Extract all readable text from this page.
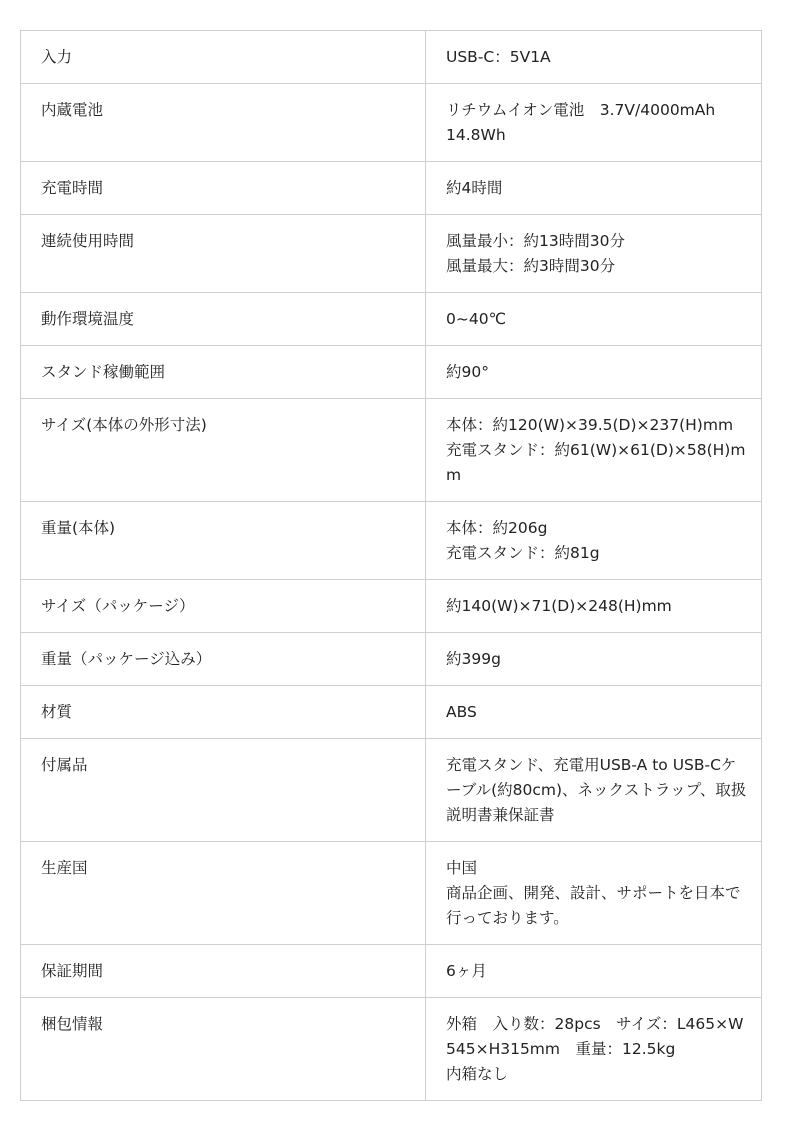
入力	USB-C：5V1A
内蔵電池	リチウムイオン電池　3.7V/4000mAh
14.8Wh
充電時間	約4時間
連続使用時間	風量最小：約13時間30分
風量最大：約3時間30分
動作環境温度	0~40℃
スタンド稼働範囲	約90°
サイズ(本体の外形寸法)	本体：約120(W)×39.5(D)×237(H)mm
充電スタンド：約61(W)×61(D)×58(H)mm
重量(本体)	本体：約206g
充電スタンド：約81g
サイズ（パッケージ）	約140(W)×71(D)×248(H)mm
重量（パッケージ込み）	約399g
材質	ABS
付属品	充電スタンド、充電用USB-A to USB-Cケーブル(約80cm)、ネックストラップ、取扱説明書兼保証書
生産国	中国
商品企画、開発、設計、サポートを日本で行っております。
保証期間	6ヶ月
梱包情報	外箱　入り数：28pcs　サイズ：L465×W545×H315mm　重量：12.5kg
内箱なし
